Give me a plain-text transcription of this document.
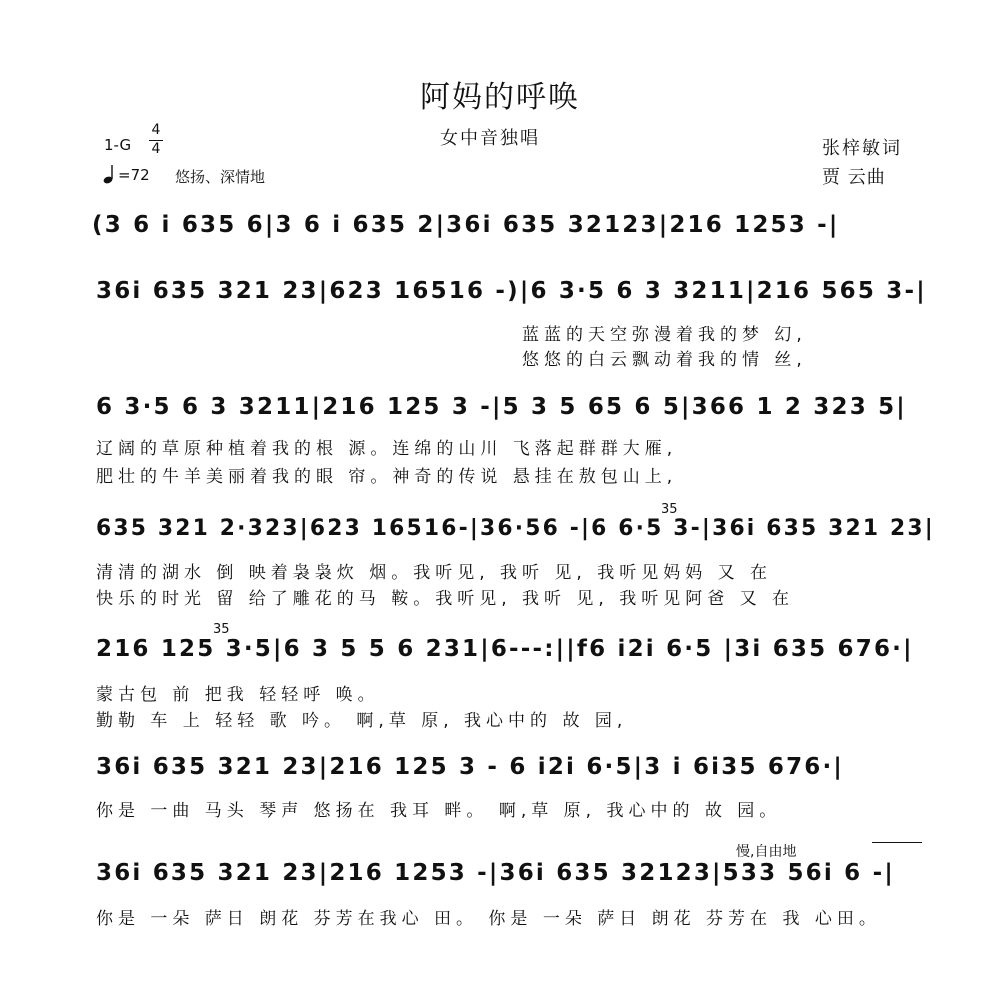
阿妈的呼唤
女中音独唱	张梓敏词
贾 云曲
1-G
4
4
=72 悠扬、深情地
(3 6 i 635 6|3 6 i 635 2|36i 635 32123|216 1253 -|
36i 635 321 23|623 16516 -)|6 3·5 6 3 3211|216 565 3-|
蓝蓝的天空弥漫着我的梦 幻,
悠悠的白云飘动着我的情 丝,
6 3·5 6 3 3211|216 125 3 -|5 3 5 65 6 5|366 1 2 323 5|
辽阔的草原种植着我的根 源。连绵的山川 飞落起群群大雁,
肥壮的牛羊美丽着我的眼 帘。神奇的传说 悬挂在敖包山上,
35
635 321 2·323|623 16516-|36·56 -|6 6·5 3-|36i 635 321 23|
清清的湖水 倒 映着袅袅炊 烟。我听见, 我听 见, 我听见妈妈 又 在
快乐的时光 留 给了雕花的马 鞍。我听见, 我听 见, 我听见阿爸 又 在
35
216 125 3·5|6 3 5 5 6 231|6---:||f6 i2i 6·5 |3i 635 676·|
蒙古包 前 把我 轻轻呼 唤。
勤勒 车 上 轻轻 歌 吟。 啊,草 原, 我心中的 故 园,
36i 635 321 23|216 125 3 - 6 i2i 6·5|3 i 6i35 676·|
你是 一曲 马头 琴声 悠扬在 我耳 畔。 啊,草 原, 我心中的 故 园。
慢,自由地
36i 635 321 23|216 1253 -|36i 635 32123|533 56i 6 -|
你是 一朵 萨日 朗花 芬芳在我心 田。 你是 一朵 萨日 朗花 芬芳在 我 心田。
